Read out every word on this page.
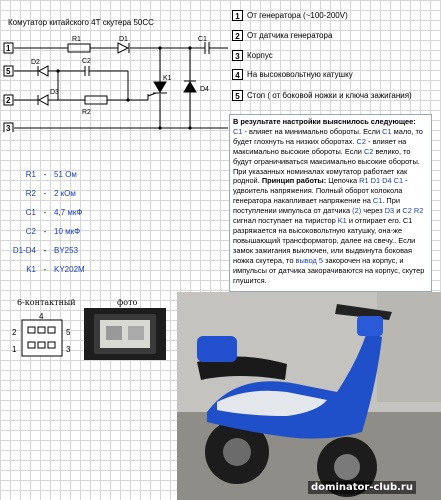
Комутатор китайского 4Т скутера 50СС
1
5
2
3
R1	D1	C1
D2	C2
D3
R2
K1
D4
1 От генератора (~100-200V)
2 От датчика генератора
3 Корпус
4 На высоковольтную катушку
5 Стоп ( от боковой ножки и ключа зажигания)
В результате настройки выяснилось следующее:
C1 - влияет на минимально обороты. Если C1 мало, то будет глохнуть на низких оборотах. C2 - влияет на максимально высокие обороты. Если C2 велико, то будут ограничиваться максимально высокие обороты. При указанных номиналах комутатор работает как родной. Принцип работы: Цепочка R1 D1 D4 C1 - удвоитель напряжения. Полный оборот колокола генератора накапливает напряжение на C1. При поступлении импульса от датчика (2) через D3 и C2 R2 сигнал поступает на тиристор K1 и отпирает его. C1 разряжается на высоковольтную катушку, она-же повышающий трансформатор, далее на свечу.. Если замок зажигания выключен, или выдвинута боковая ножка скутера, то вывод 5 закорочен на корпус, и импульсы от датчика закорачиваются на корпус, скутер глушится.
R1 - 51 Ом
R2 - 2 кОм
C1 - 4,7 мкФ
C2 - 10 мкФ
D1-D4 - BY253
K1 - KY202M
6-контактный	фото
4
2	5
1	3
dominator-club.ru
